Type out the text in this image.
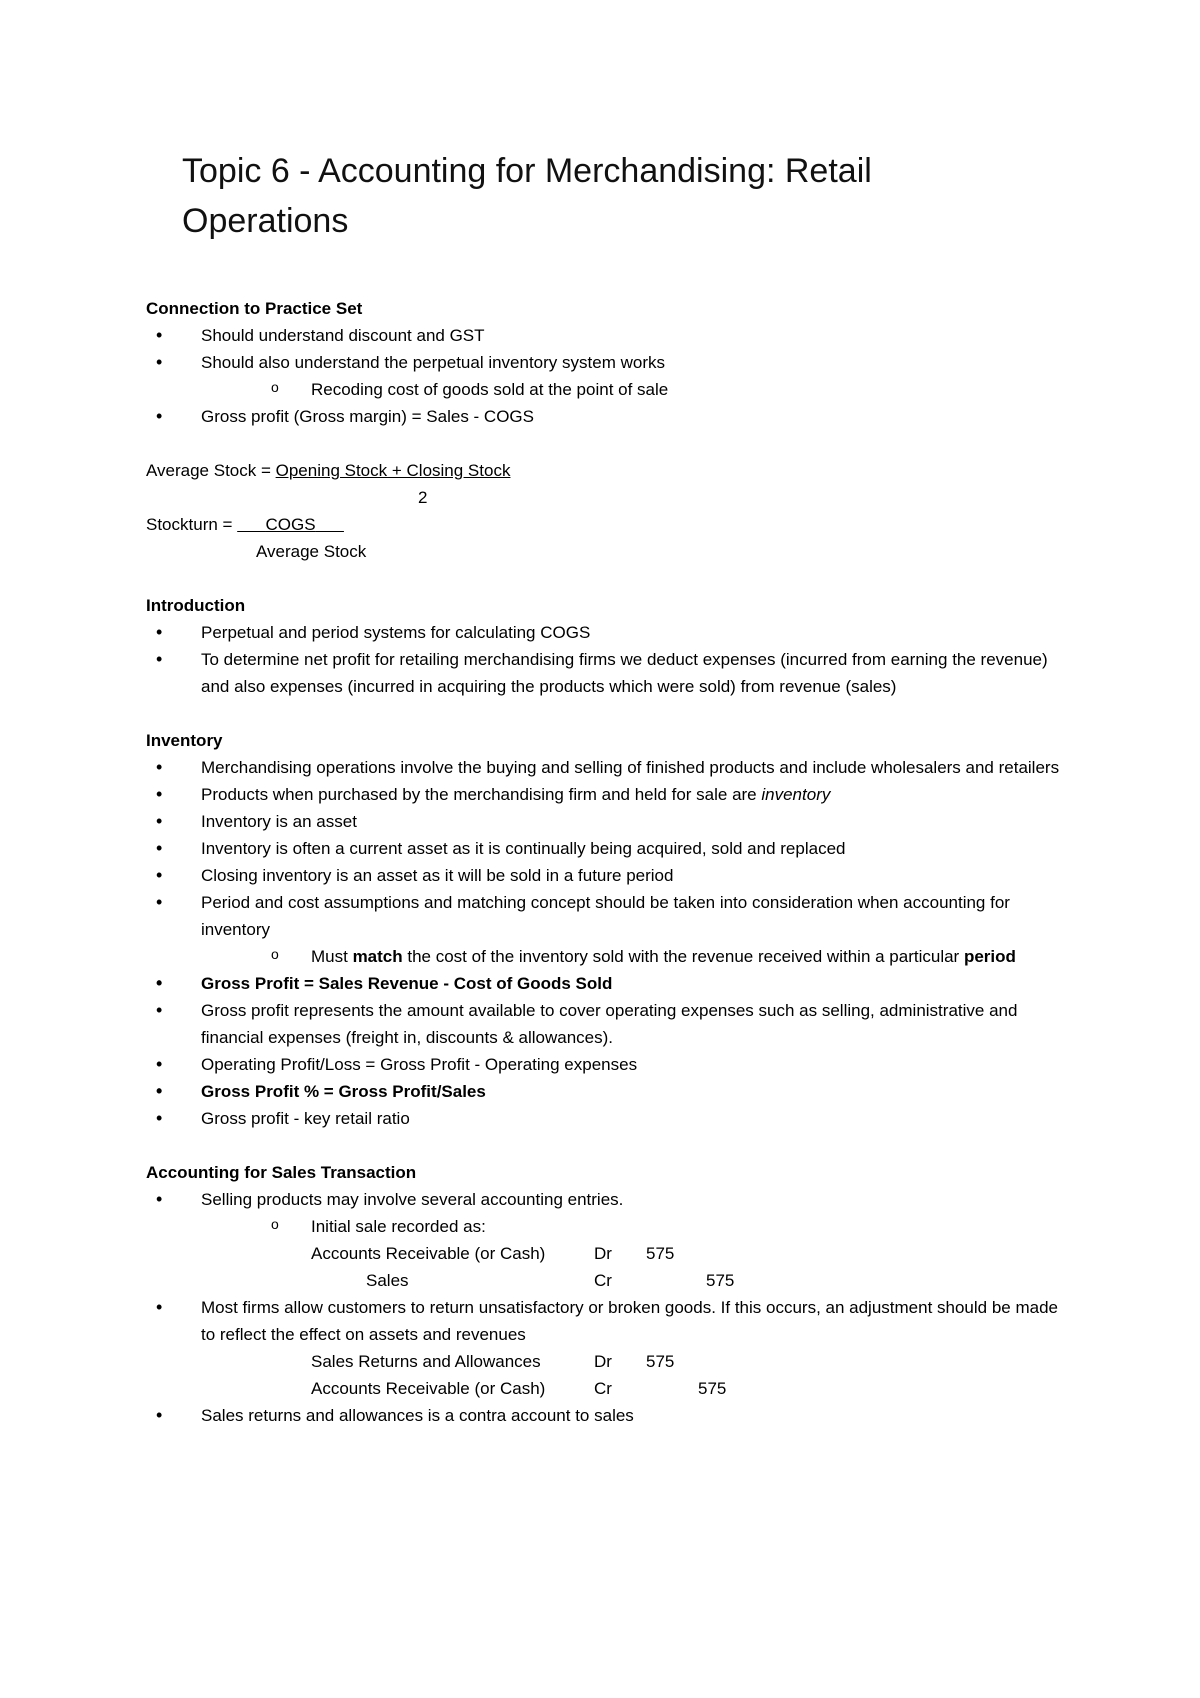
Topic 6 - Accounting for Merchandising: Retail Operations
Connection to Practice Set
• Should understand discount and GST
• Should also understand the perpetual inventory system works
o Recoding cost of goods sold at the point of sale
• Gross profit (Gross margin) = Sales - COGS
Average Stock = Opening Stock + Closing Stock
2
Stockturn =       COGS
Average Stock
Introduction
• Perpetual and period systems for calculating COGS
• To determine net profit for retailing merchandising firms we deduct expenses (incurred from earning the revenue) and also expenses (incurred in acquiring the products which were sold) from revenue (sales)
Inventory
• Merchandising operations involve the buying and selling of finished products and include wholesalers and retailers
• Products when purchased by the merchandising firm and held for sale are inventory
• Inventory is an asset
• Inventory is often a current asset as it is continually being acquired, sold and replaced
• Closing inventory is an asset as it will be sold in a future period
• Period and cost assumptions and matching concept should be taken into consideration when accounting for inventory
o Must match the cost of the inventory sold with the revenue received within a particular period
• Gross Profit = Sales Revenue - Cost of Goods Sold
• Gross profit represents the amount available to cover operating expenses such as selling, administrative and financial expenses (freight in, discounts & allowances).
• Operating Profit/Loss = Gross Profit - Operating expenses
• Gross Profit % = Gross Profit/Sales
• Gross profit - key retail ratio
Accounting for Sales Transaction
• Selling products may involve several accounting entries.
o Initial sale recorded as:
Accounts Receivable (or Cash)	Dr 575
Sales	Cr	575
• Most firms allow customers to return unsatisfactory or broken goods. If this occurs, an adjustment should be made to reflect the effect on assets and revenues
Sales Returns and Allowances	Dr 575
Accounts Receivable (or Cash)	Cr	575
• Sales returns and allowances is a contra account to sales
